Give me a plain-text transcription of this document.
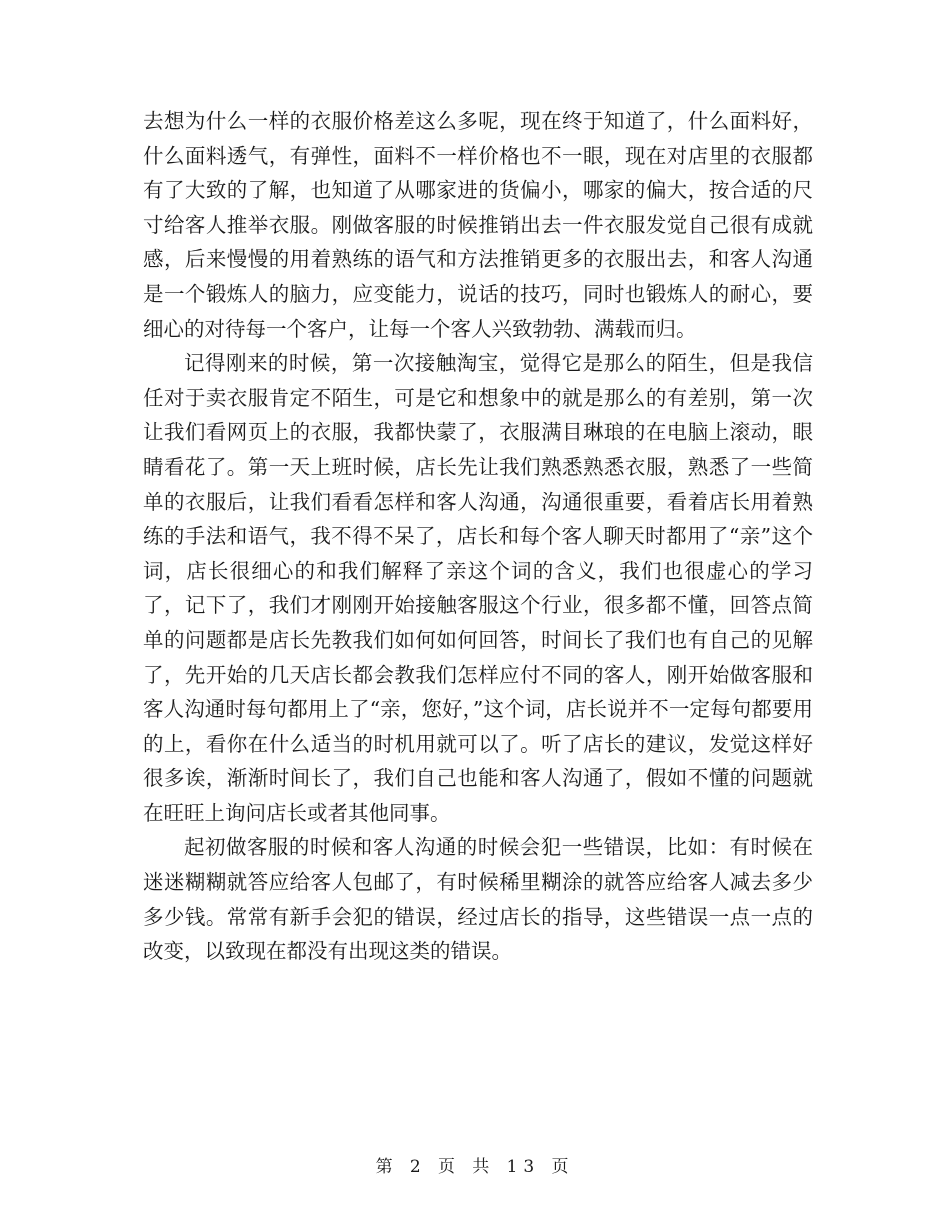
去想为什么一样的衣服价格差这么多呢，现在终于知道了，什么面料好，什么面料透气，有弹性，面料不一样价格也不一眼，现在对店里的衣服都有了大致的了解，也知道了从哪家进的货偏小，哪家的偏大，按合适的尺寸给客人推举衣服。刚做客服的时候推销出去一件衣服发觉自己很有成就感，后来慢慢的用着熟练的语气和方法推销更多的衣服出去，和客人沟通是一个锻炼人的脑力，应变能力，说话的技巧，同时也锻炼人的耐心，要细心的对待每一个客户，让每一个客人兴致勃勃、满载而归。

记得刚来的时候，第一次接触淘宝，觉得它是那么的陌生，但是我信任对于卖衣服肯定不陌生，可是它和想象中的就是那么的有差别，第一次让我们看网页上的衣服，我都快蒙了，衣服满目琳琅的在电脑上滚动，眼睛看花了。第一天上班时候，店长先让我们熟悉熟悉衣服，熟悉了一些简单的衣服后，让我们看看怎样和客人沟通，沟通很重要，看着店长用着熟练的手法和语气，我不得不呆了，店长和每个客人聊天时都用了“亲”这个词，店长很细心的和我们解释了亲这个词的含义，我们也很虚心的学习了，记下了，我们才刚刚开始接触客服这个行业，很多都不懂，回答点简单的问题都是店长先教我们如何如何回答，时间长了我们也有自己的见解了，先开始的几天店长都会教我们怎样应付不同的客人，刚开始做客服和客人沟通时每句都用上了“亲，您好，”这个词，店长说并不一定每句都要用的上，看你在什么适当的时机用就可以了。听了店长的建议，发觉这样好很多诶，渐渐时间长了，我们自己也能和客人沟通了，假如不懂的问题就在旺旺上询问店长或者其他同事。

起初做客服的时候和客人沟通的时候会犯一些错误，比如：有时候在迷迷糊糊就答应给客人包邮了，有时候稀里糊涂的就答应给客人减去多少多少钱。常常有新手会犯的错误，经过店长的指导，这些错误一点一点的改变，以致现在都没有出现这类的错误。

第 2 页 共 13 页
